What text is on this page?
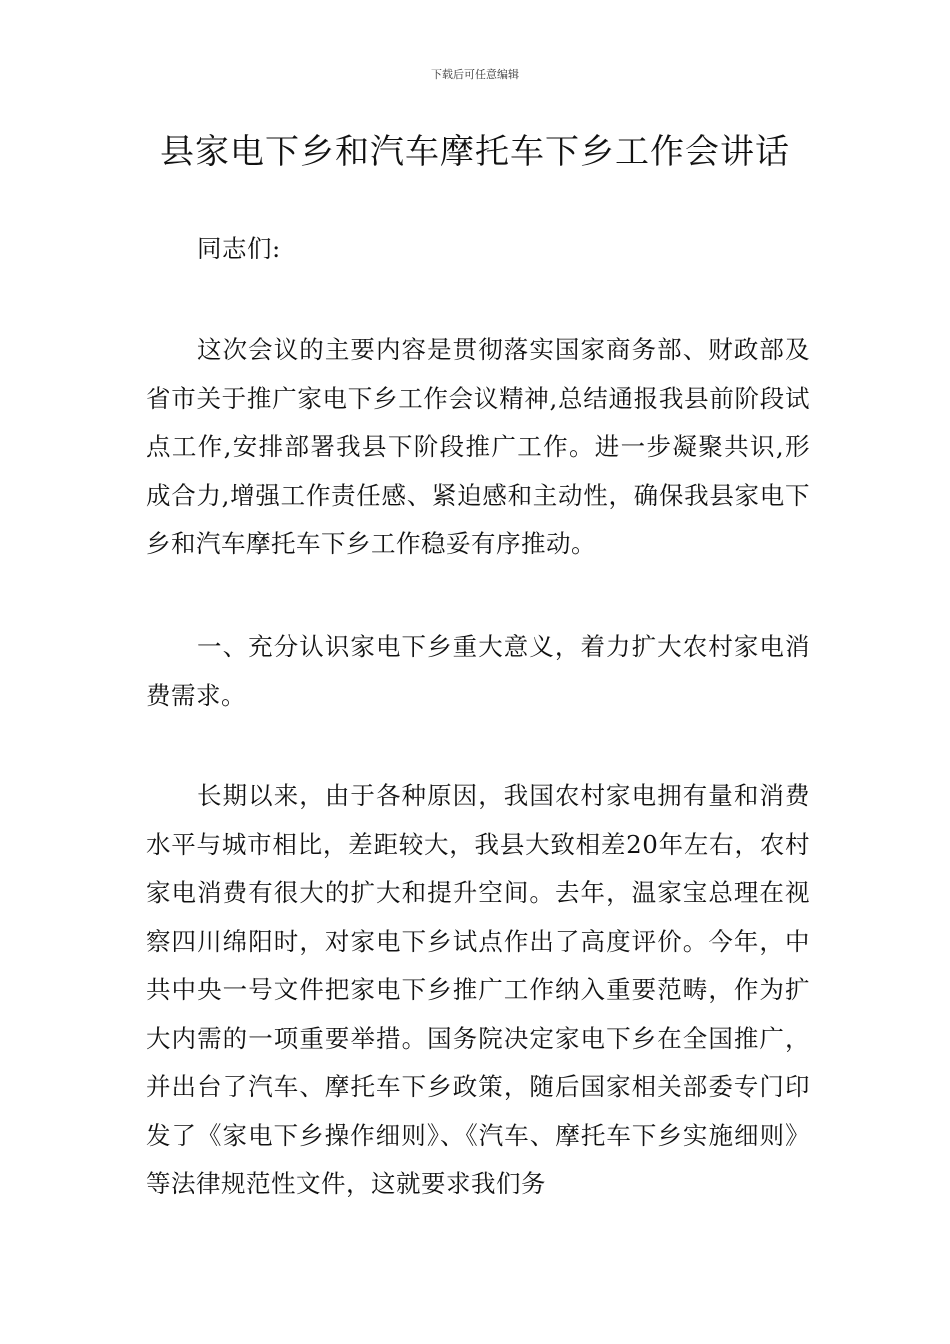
下载后可任意编辑
县家电下乡和汽车摩托车下乡工作会讲话

同志们:

这次会议的主要内容是贯彻落实国家商务部、财政部及省市关于推广家电下乡工作会议精神,总结通报我县前阶段试点工作,安排部署我县下阶段推广工作。进一步凝聚共识,形成合力,增强工作责任感、紧迫感和主动性，确保我县家电下乡和汽车摩托车下乡工作稳妥有序推动。

一、充分认识家电下乡重大意义，着力扩大农村家电消费需求。

长期以来，由于各种原因，我国农村家电拥有量和消费水平与城市相比，差距较大，我县大致相差20年左右，农村家电消费有很大的扩大和提升空间。去年，温家宝总理在视察四川绵阳时，对家电下乡试点作出了高度评价。今年，中共中央一号文件把家电下乡推广工作纳入重要范畴，作为扩大内需的一项重要举措。国务院决定家电下乡在全国推广，并出台了汽车、摩托车下乡政策，随后国家相关部委专门印发了《家电下乡操作细则》、《汽车、摩托车下乡实施细则》等法律规范性文件，这就要求我们务
